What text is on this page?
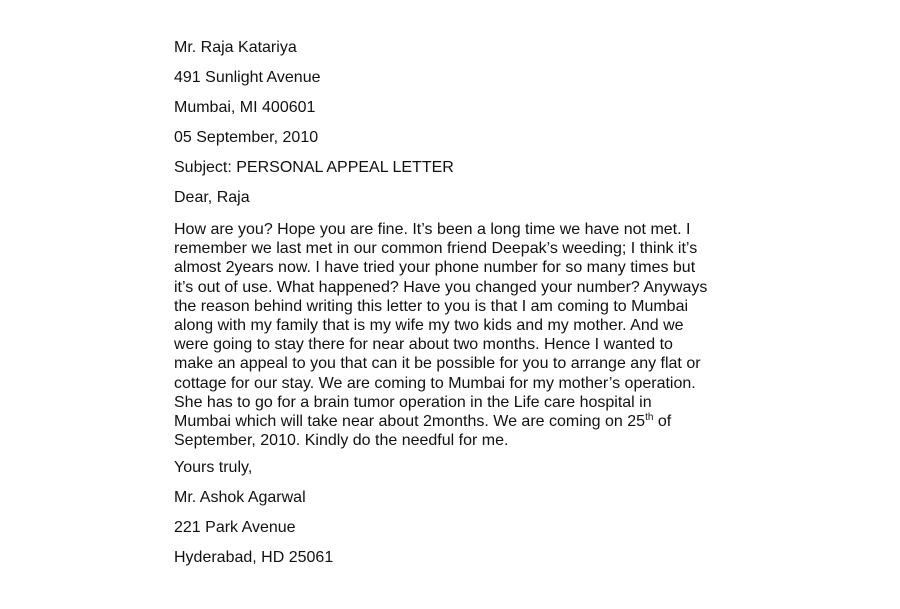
Mr. Raja Katariya
491 Sunlight Avenue
Mumbai, MI 400601
05 September, 2010
Subject: PERSONAL APPEAL LETTER
Dear, Raja
How are you? Hope you are fine. It’s been a long time we have not met. I
remember we last met in our common friend Deepak’s weeding; I think it’s
almost 2years now. I have tried your phone number for so many times but
it’s out of use. What happened? Have you changed your number? Anyways
the reason behind writing this letter to you is that I am coming to Mumbai
along with my family that is my wife my two kids and my mother. And we
were going to stay there for near about two months. Hence I wanted to
make an appeal to you that can it be possible for you to arrange any flat or
cottage for our stay. We are coming to Mumbai for my mother’s operation.
She has to go for a brain tumor operation in the Life care hospital in
Mumbai which will take near about 2months. We are coming on 25th of
September, 2010. Kindly do the needful for me.
Yours truly,
Mr. Ashok Agarwal
221 Park Avenue
Hyderabad, HD 25061
